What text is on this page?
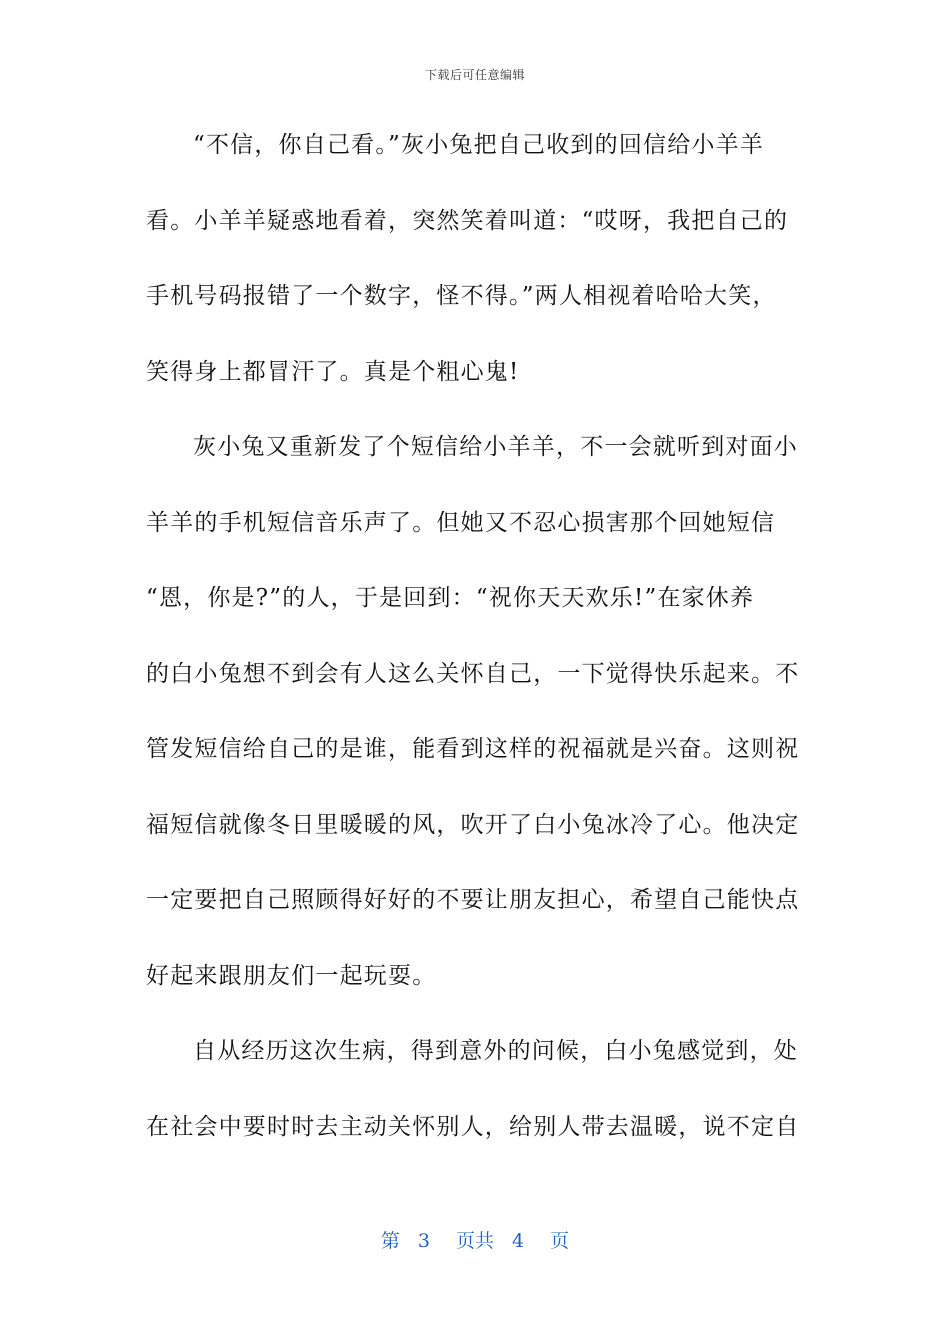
下载后可任意编辑
“不信，你自己看。”灰小兔把自己收到的回信给小羊羊
看。小羊羊疑惑地看着，突然笑着叫道：“哎呀，我把自己的
手机号码报错了一个数字，怪不得。”两人相视着哈哈大笑，
笑得身上都冒汗了。真是个粗心鬼!
灰小兔又重新发了个短信给小羊羊，不一会就听到对面小
羊羊的手机短信音乐声了。但她又不忍心损害那个回她短信
“恩，你是?”的人，于是回到：“祝你天天欢乐!”在家休养
的白小兔想不到会有人这么关怀自己，一下觉得快乐起来。不
管发短信给自己的是谁，能看到这样的祝福就是兴奋。这则祝
福短信就像冬日里暖暖的风，吹开了白小兔冰冷了心。他决定
一定要把自己照顾得好好的不要让朋友担心，希望自己能快点
好起来跟朋友们一起玩耍。
自从经历这次生病，得到意外的问候，白小兔感觉到，处
在社会中要时时去主动关怀别人，给别人带去温暖，说不定自
第 3 页共 4 页
